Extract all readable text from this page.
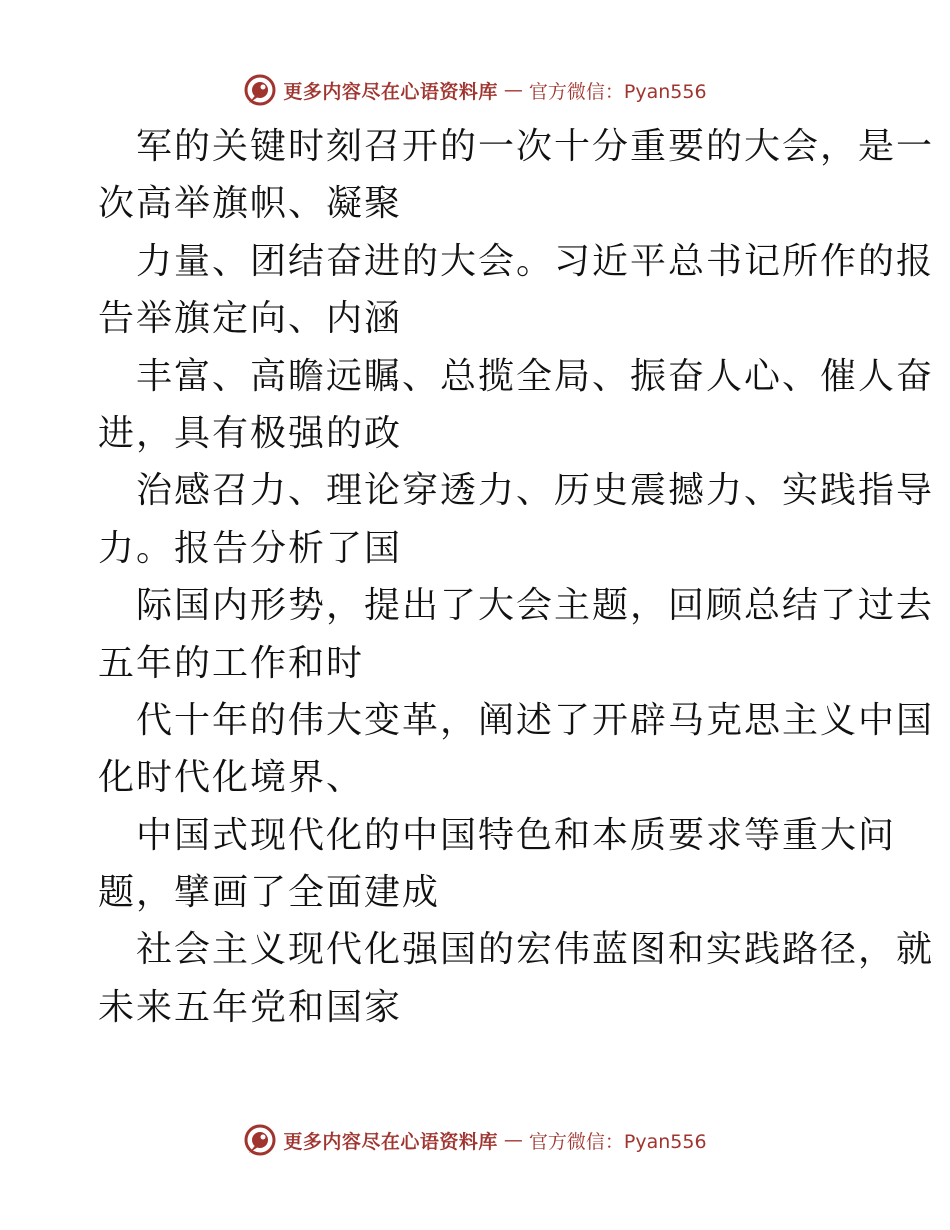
更多内容尽在心语资料库 — 官方微信：Pyan556
军的关键时刻召开的一次十分重要的大会，是一
次高举旗帜、凝聚
力量、团结奋进的大会。习近平总书记所作的报
告举旗定向、内涵
丰富、高瞻远瞩、总揽全局、振奋人心、催人奋
进，具有极强的政
治感召力、理论穿透力、历史震撼力、实践指导
力。报告分析了国
际国内形势，提出了大会主题，回顾总结了过去
五年的工作和时
代十年的伟大变革，阐述了开辟马克思主义中国
化时代化境界、
中国式现代化的中国特色和本质要求等重大问
题，擘画了全面建成
社会主义现代化强国的宏伟蓝图和实践路径，就
未来五年党和国家
更多内容尽在心语资料库 — 官方微信：Pyan556
